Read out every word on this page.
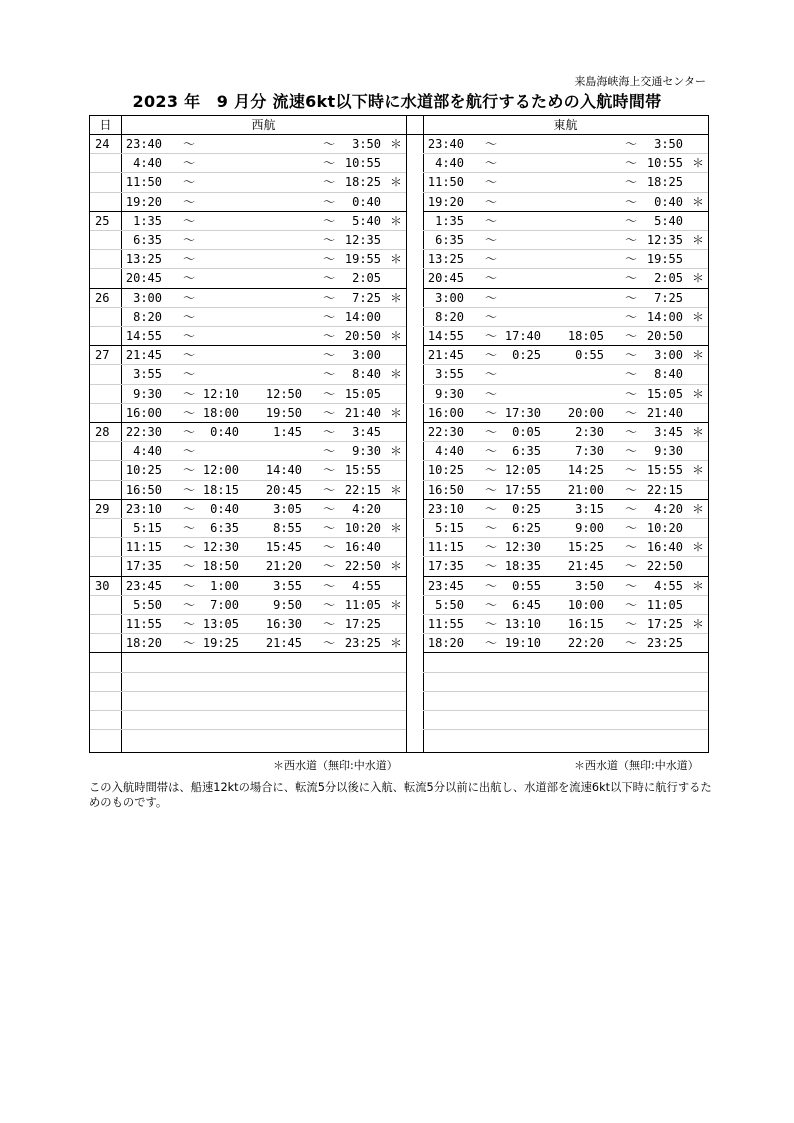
来島海峡海上交通センター
2023 年　9 月分 流速6kt以下時に水道部を航行するための入航時間帯
日	西航	東航
24	23:40 ～	～	3:50 ＊	23:40 ～	～	3:50
4:40 ～	～ 10:55	4:40 ～	～ 10:55 ＊
11:50 ～	～ 18:25 ＊	11:50 ～	～ 18:25
19:20 ～	～	0:40	19:20 ～	～	0:40 ＊
25	1:35 ～	～	5:40 ＊	1:35 ～	～	5:40
6:35 ～	～ 12:35	6:35 ～	～ 12:35 ＊
13:25 ～	～ 19:55 ＊	13:25 ～	～ 19:55
20:45 ～	～	2:05	20:45 ～	～	2:05 ＊
26	3:00 ～	～	7:25 ＊	3:00 ～	～	7:25
8:20 ～	～ 14:00	8:20 ～	～ 14:00 ＊
14:55 ～	～ 20:50 ＊	14:55 ～ 17:40	18:05 ～ 20:50
27	21:45 ～	～	3:00	21:45 ～	0:25	0:55 ～	3:00 ＊
3:55 ～	～	8:40 ＊	3:55 ～	～	8:40
9:30 ～ 12:10	12:50 ～ 15:05	9:30 ～	～ 15:05 ＊
16:00 ～ 18:00	19:50 ～ 21:40 ＊	16:00 ～ 17:30	20:00 ～ 21:40
28	22:30 ～	0:40	1:45 ～	3:45	22:30 ～	0:05	2:30 ～	3:45 ＊
4:40 ～	～	9:30 ＊	4:40 ～	6:35	7:30 ～	9:30
10:25 ～ 12:00	14:40 ～ 15:55	10:25 ～ 12:05	14:25 ～ 15:55 ＊
16:50 ～ 18:15	20:45 ～ 22:15 ＊	16:50 ～ 17:55	21:00 ～ 22:15
29	23:10 ～	0:40	3:05 ～	4:20	23:10 ～	0:25	3:15 ～	4:20 ＊
5:15 ～	6:35	8:55 ～ 10:20 ＊	5:15 ～	6:25	9:00 ～ 10:20
11:15 ～ 12:30	15:45 ～ 16:40	11:15 ～ 12:30	15:25 ～ 16:40 ＊
17:35 ～ 18:50	21:20 ～ 22:50 ＊	17:35 ～ 18:35	21:45 ～ 22:50
30	23:45 ～	1:00	3:55 ～	4:55	23:45 ～	0:55	3:50 ～	4:55 ＊
5:50 ～	7:00	9:50 ～ 11:05 ＊	5:50 ～	6:45	10:00 ～ 11:05
11:55 ～ 13:05	16:30 ～ 17:25	11:55 ～ 13:10	16:15 ～ 17:25 ＊
18:20 ～ 19:25	21:45 ～ 23:25 ＊	18:20 ～ 19:10	22:20 ～ 23:25
＊西水道（無印:中水道）	＊西水道（無印:中水道）
この入航時間帯は、船速12ktの場合に、転流5分以後に入航、転流5分以前に出航し、水道部を流速6kt以下時に航行するためのものです。
